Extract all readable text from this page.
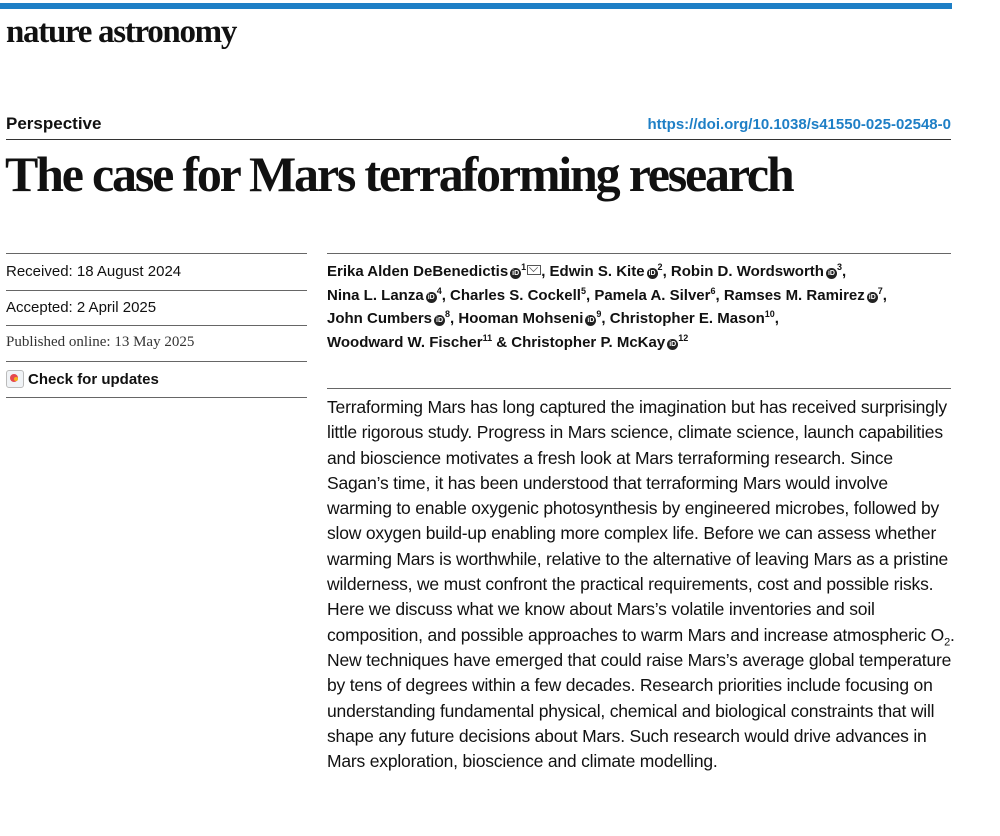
nature astronomy
Perspective	https://doi.org/10.1038/s41550-025-02548-0
The case for Mars terraforming research
Received: 18 August 2024
Accepted: 2 April 2025
Published online: 13 May 2025
Check for updates
Erika Alden DeBenedictis $iD^1$ , Edwin S. Kite $iD^2$, Robin D. Wordsworth $iD^3$,
Nina L. Lanza $iD^4$, Charles S. Cockell$^5$, Pamela A. Silver$^6$, Ramses M. Ramirez $iD^7$,
John Cumbers $iD^8$, Hooman Mohseni $iD^9$, Christopher E. Mason$^{10}$,
Woodward W. Fischer$^{11}$ & Christopher P. McKay $iD^{12}$

Terraforming Mars has long captured the imagination but has received surprisingly little rigorous study. Progress in Mars science, climate science, launch capabilities and bioscience motivates a fresh look at Mars terraforming research. Since Sagan’s time, it has been understood that terraforming Mars would involve warming to enable oxygenic photosynthesis by engineered microbes, followed by slow oxygen build-up enabling more complex life. Before we can assess whether warming Mars is worthwhile, relative to the alternative of leaving Mars as a pristine wilderness, we must confront the practical requirements, cost and possible risks. Here we discuss what we know about Mars’s volatile inventories and soil composition, and possible approaches to warm Mars and increase atmospheric $O_2$. New techniques have emerged that could raise Mars’s average global temperature by tens of degrees within a few decades. Research priorities include focusing on understanding fundamental physical, chemical and biological constraints that will shape any future decisions about Mars. Such research would drive advances in Mars exploration, bioscience and climate modelling.
